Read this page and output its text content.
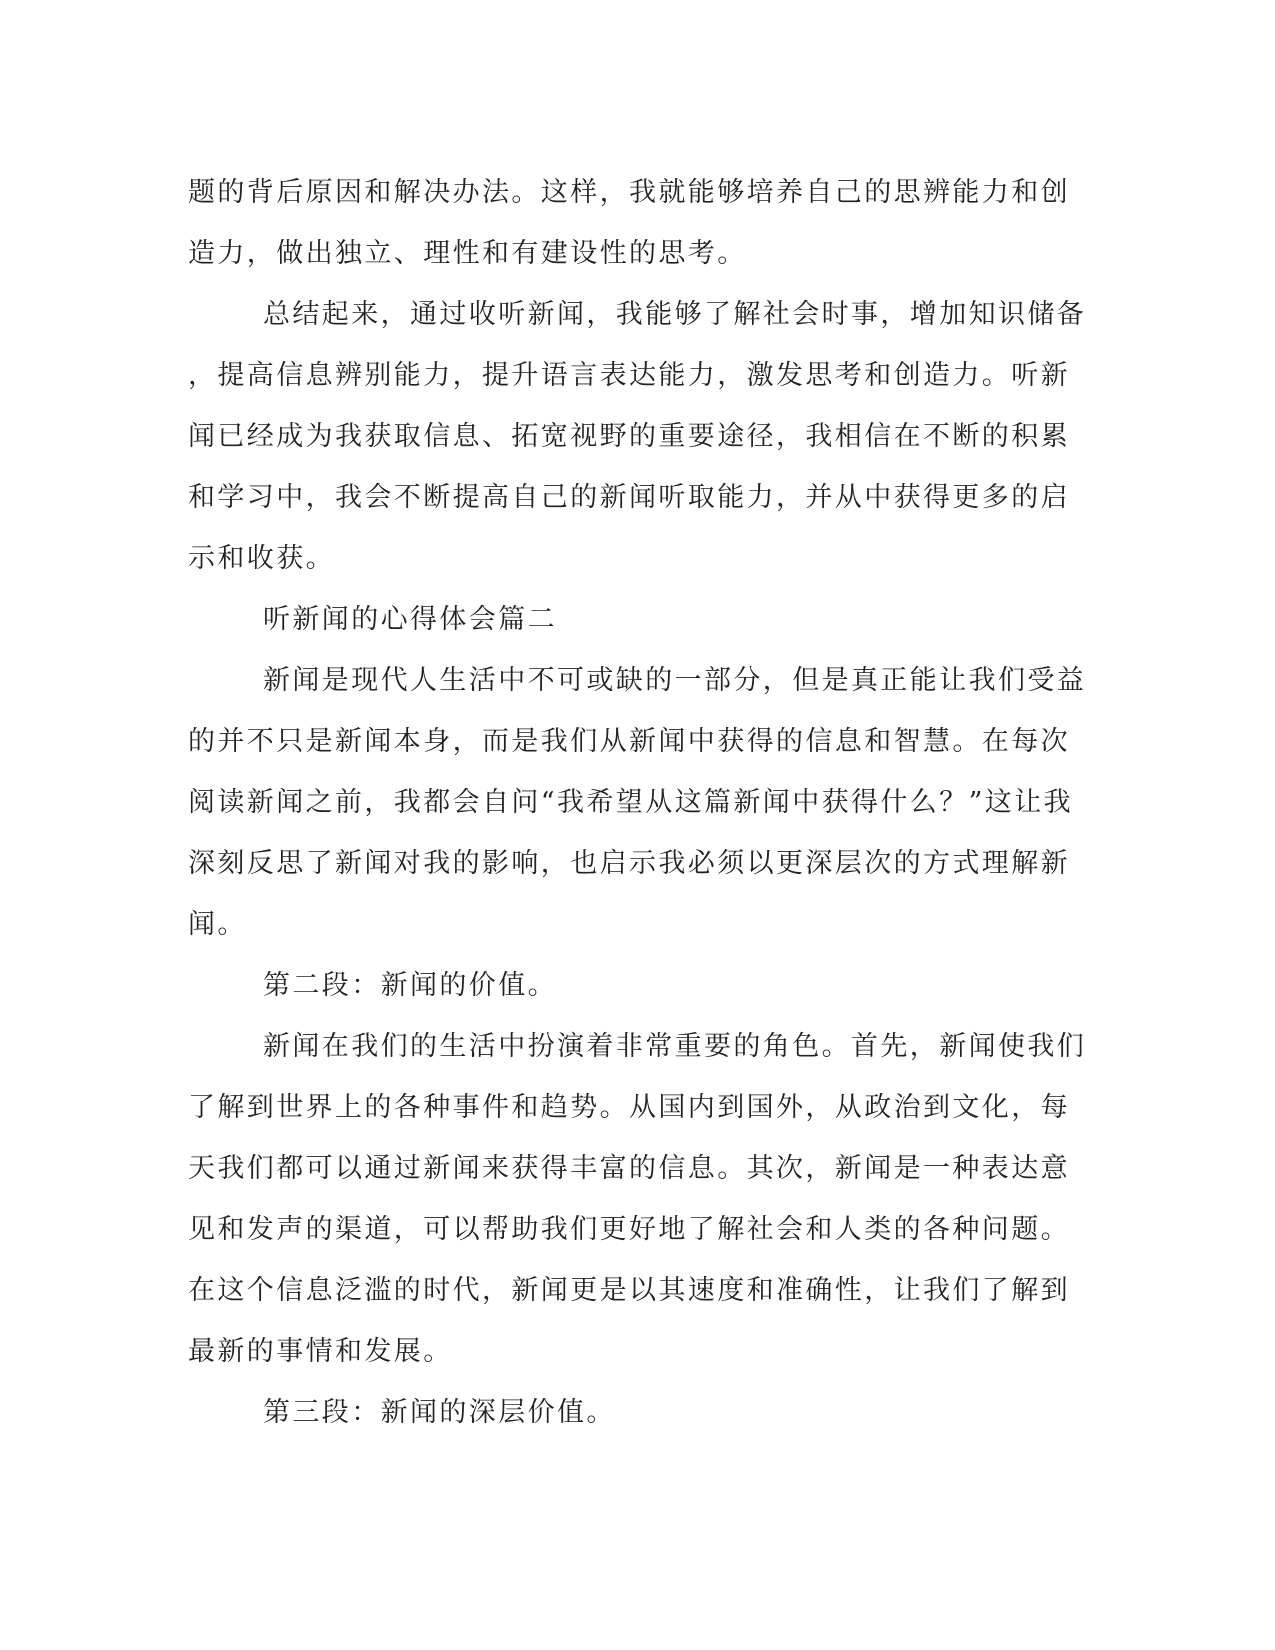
题的背后原因和解决办法。这样，我就能够培养自己的思辨能力和创
造力，做出独立、理性和有建设性的思考。
总结起来，通过收听新闻，我能够了解社会时事，增加知识储备
，提高信息辨别能力，提升语言表达能力，激发思考和创造力。听新
闻已经成为我获取信息、拓宽视野的重要途径，我相信在不断的积累
和学习中，我会不断提高自己的新闻听取能力，并从中获得更多的启
示和收获。
听新闻的心得体会篇二
新闻是现代人生活中不可或缺的一部分，但是真正能让我们受益
的并不只是新闻本身，而是我们从新闻中获得的信息和智慧。在每次
阅读新闻之前，我都会自问“我希望从这篇新闻中获得什么？”这让我
深刻反思了新闻对我的影响，也启示我必须以更深层次的方式理解新
闻。
第二段：新闻的价值。
新闻在我们的生活中扮演着非常重要的角色。首先，新闻使我们
了解到世界上的各种事件和趋势。从国内到国外，从政治到文化，每
天我们都可以通过新闻来获得丰富的信息。其次，新闻是一种表达意
见和发声的渠道，可以帮助我们更好地了解社会和人类的各种问题。
在这个信息泛滥的时代，新闻更是以其速度和准确性，让我们了解到
最新的事情和发展。
第三段：新闻的深层价值。
